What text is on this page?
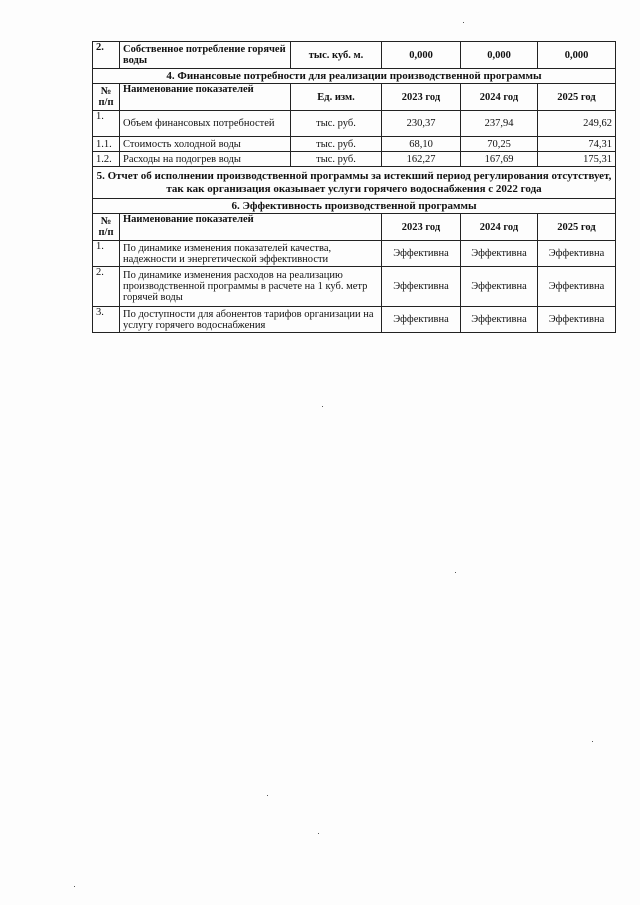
2.	Собственное потребление горячей воды	тыс. куб. м.	0,000	0,000	0,000
4. Финансовые потребности для реализации производственной программы					
№ п/п	Наименование показателей	Ед. изм.	2023 год	2024 год	2025 год
1.	Объем финансовых потребностей	тыс. руб.	230,37	237,94	249,62
1.1.	Стоимость холодной воды	тыс. руб.	68,10	70,25	74,31
1.2.	Расходы на подогрев воды	тыс. руб.	162,27	167,69	175,31
5. Отчет об исполнении производственной программы за истекший период регулирования отсутствует, так как организация оказывает услуги горячего водоснабжения с 2022 года					
6. Эффективность производственной программы					
№ п/п	Наименование показателей		2023 год	2024 год	2025 год
1.	По динамике изменения показателей качества, надежности и энергетической эффективности		Эффективна	Эффективна	Эффективна
2.	По динамике изменения расходов на реализацию производственной программы в расчете на 1 куб. метр горячей воды		Эффективна	Эффективна	Эффективна
3.	По доступности для абонентов тарифов организации на услугу горячего водоснабжения		Эффективна	Эффективна	Эффективна
